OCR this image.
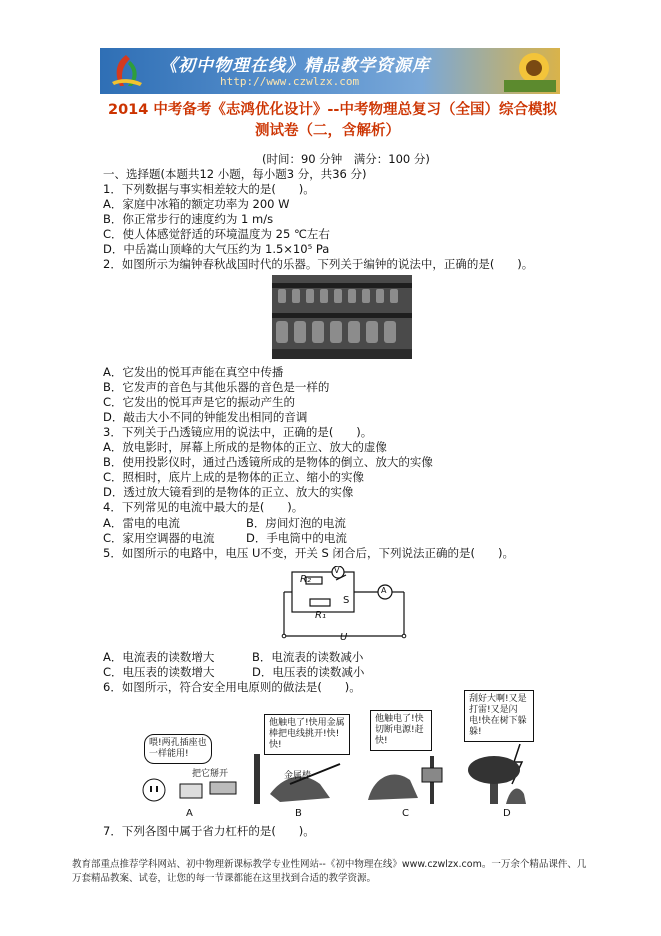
《初中物理在线》精品教学资源库
http://www.czwlzx.com
2014 中考备考《志鸿优化设计》--中考物理总复习（全国）综合模拟
测试卷（二，含解析）
(时间：90 分钟　满分：100 分)
一、选择题(本题共12 小题，每小题3 分，共36 分)
1．下列数据与事实相差较大的是(　　)。
A．家庭中冰箱的额定功率为 200 W
B．你正常步行的速度约为 1 m/s
C．使人体感觉舒适的环境温度为 25 ℃左右
D．中岳嵩山顶峰的大气压约为 1.5×10⁵ Pa
2．如图所示为编钟春秋战国时代的乐器。下列关于编钟的说法中，正确的是(　　)。
A．它发出的悦耳声能在真空中传播
B．它发声的音色与其他乐器的音色是一样的
C．它发出的悦耳声是它的振动产生的
D．敲击大小不同的钟能发出相同的音调
3．下列关于凸透镜应用的说法中，正确的是(　　)。
A．放电影时，屏幕上所成的是物体的正立、放大的虚像
B．使用投影仪时，通过凸透镜所成的是物体的倒立、放大的实像
C．照相时，底片上成的是物体的正立、缩小的实像
D．透过放大镜看到的是物体的正立、放大的实像
4．下列常见的电流中最大的是(　　)。
A．雷电的电流	B．房间灯泡的电流
C．家用空调器的电流	D．手电筒中的电流
5．如图所示的电路中，电压 U不变，开关 S 闭合后，下列说法正确的是(　　)。
R₂
R₁
S
V
A
U
A．电流表的读数增大	B．电流表的读数减小
C．电压表的读数增大	D．电压表的读数减小
6．如图所示，符合安全用电原则的做法是(　　)。
喂!两孔插座也一样能用!
把它掰开
他触电了!快用金属棒把电线挑开!快!快!
金属棒
他触电了!快切断电源!赶快!
刮好大啊!又是打雷!又是闪电!快在树下躲躲!
A	B	C	D
7．下列各图中属于省力杠杆的是(　　)。
教育部重点推荐学科网站、初中物理新课标教学专业性网站--《初中物理在线》www.czwlzx.com。一万余个精品课件、几万套精品教案、试卷，让您的每一节课都能在这里找到合适的教学资源。
